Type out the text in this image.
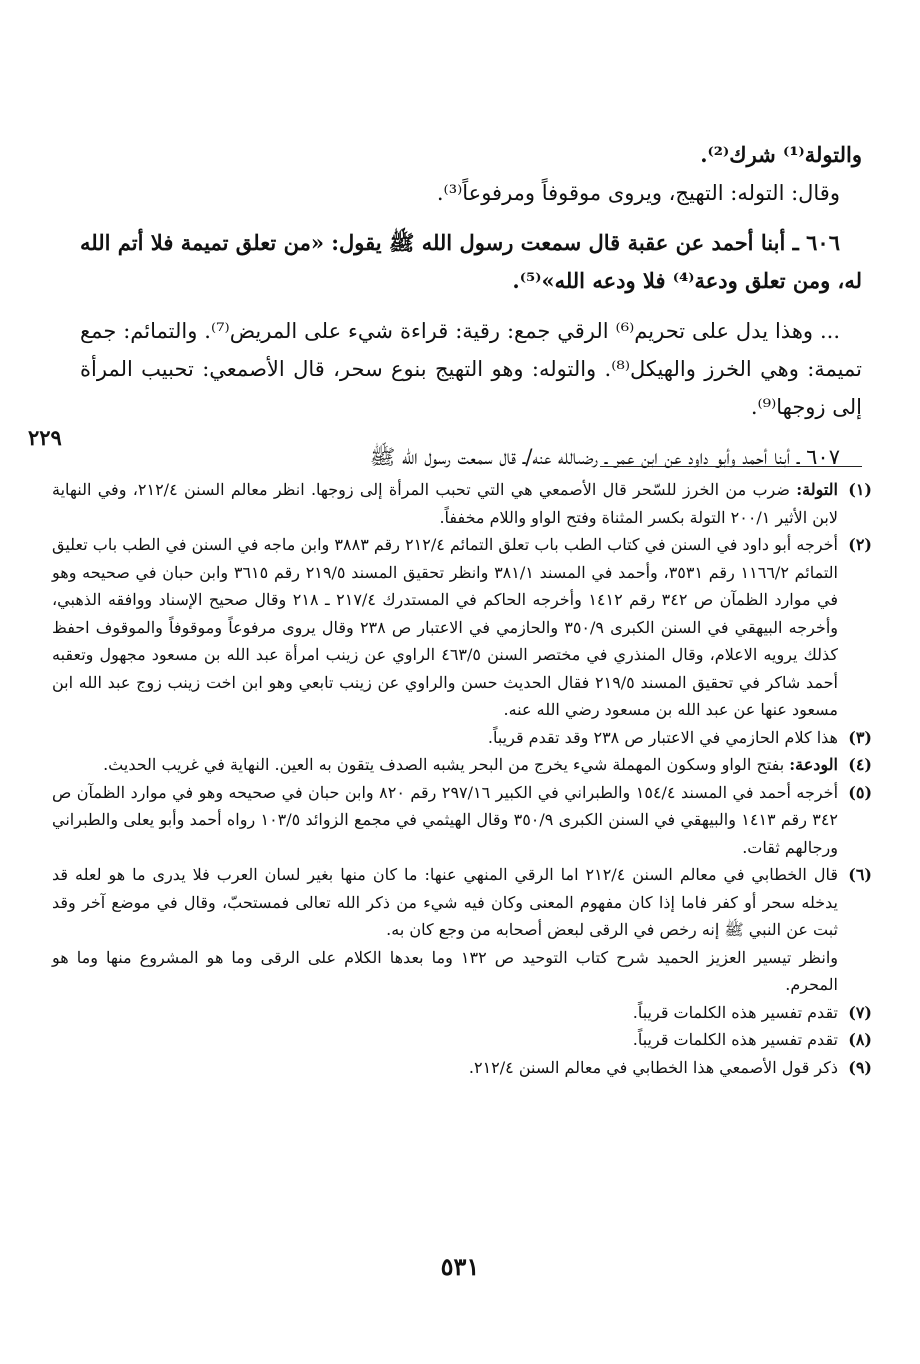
والتولة⁽¹⁾ شرك⁽²⁾.

وقال: التوله: التهيج، ويروى موقوفاً ومرفوعاً⁽³⁾.

٦٠٦ ـ أبنا أحمد عن عقبة قال سمعت رسول الله ﷺ يقول: «من تعلق تميمة فلا أتم الله له، ومن تعلق ودعة⁽⁴⁾ فلا ودعه الله»⁽⁵⁾.

... وهذا يدل على تحريم⁽⁶⁾ الرقي جمع: رقية: قراءة شيء على المريض⁽⁷⁾. والتمائم: جمع تميمة: وهي الخرز والهيكل⁽⁸⁾. والتوله: وهو التهيج بنوع سحر، قال الأصمعي: تحبيب المرأة إلى زوجها⁽⁹⁾.

٦٠٧ ـ أبنا أحمد وأبو داود عن ابن عمر ـ رضىالله عنه/ـ قال سمعت رسول الله ﷺ

٢٢٩

(١)التولة: ضرب من الخرز للسّحر قال الأصمعي هي التي تحبب المرأة إلى زوجها. انظر معالم السنن ٢١٢/٤، وفي النهاية لابن الأثير ٢٠٠/١ التولة بكسر المثناة وفتح الواو واللام مخففاً.

(٢)أخرجه أبو داود في السنن في كتاب الطب باب تعلق التمائم ٢١٢/٤ رقم ٣٨٨٣ وابن ماجه في السنن في الطب باب تعليق التمائم ١١٦٦/٢ رقم ٣٥٣١، وأحمد في المسند ٣٨١/١ وانظر تحقيق المسند ٢١٩/٥ رقم ٣٦١٥ وابن حبان في صحيحه وهو في موارد الظمآن ص ٣٤٢ رقم ١٤١٢ وأخرجه الحاكم في المستدرك ٢١٧/٤ ـ ٢١٨ وقال صحيح الإسناد ووافقه الذهبي، وأخرجه البيهقي في السنن الكبرى ٣٥٠/٩ والحازمي في الاعتبار ص ٢٣٨ وقال يروى مرفوعاً وموقوفاً والموقوف احفظ كذلك يرويه الاعلام، وقال المنذري في مختصر السنن ٤٦٣/٥ الراوي عن زينب امرأة عبد الله بن مسعود مجهول وتعقبه أحمد شاكر في تحقيق المسند ٢١٩/٥ فقال الحديث حسن والراوي عن زينب تابعي وهو ابن اخت زينب زوج عبد الله ابن مسعود عنها عن عبد الله بن مسعود رضي الله عنه.

(٣)هذا كلام الحازمي في الاعتبار ص ٢٣٨ وقد تقدم قريباً.

(٤)الودعة: بفتح الواو وسكون المهملة شيء يخرج من البحر يشبه الصدف يتقون به العين. النهاية في غريب الحديث.

(٥)أخرجه أحمد في المسند ١٥٤/٤ والطبراني في الكبير ٢٩٧/١٦ رقم ٨٢٠ وابن حبان في صحيحه وهو في موارد الظمآن ص ٣٤٢ رقم ١٤١٣ والبيهقي في السنن الكبرى ٣٥٠/٩ وقال الهيثمي في مجمع الزوائد ١٠٣/٥ رواه أحمد وأبو يعلى والطبراني ورجالهم ثقات.

(٦)قال الخطابي في معالم السنن ٢١٢/٤ اما الرقي المنهي عنها: ما كان منها بغير لسان العرب فلا يدرى ما هو لعله قد يدخله سحر أو كفر فاما إذا كان مفهوم المعنى وكان فيه شيء من ذكر الله تعالى فمستحبّ، وقال في موضع آخر وقد ثبت عن النبي ﷺ إنه رخص في الرقى لبعض أصحابه من وجع كان به.

وانظر تيسير العزيز الحميد شرح كتاب التوحيد ص ١٣٢ وما بعدها الكلام على الرقى وما هو المشروع منها وما هو المحرم.

(٧)تقدم تفسير هذه الكلمات قريباً.

(٨)تقدم تفسير هذه الكلمات قريباً.

(٩)ذكر قول الأصمعي هذا الخطابي في معالم السنن ٢١٢/٤.

٥٣١
